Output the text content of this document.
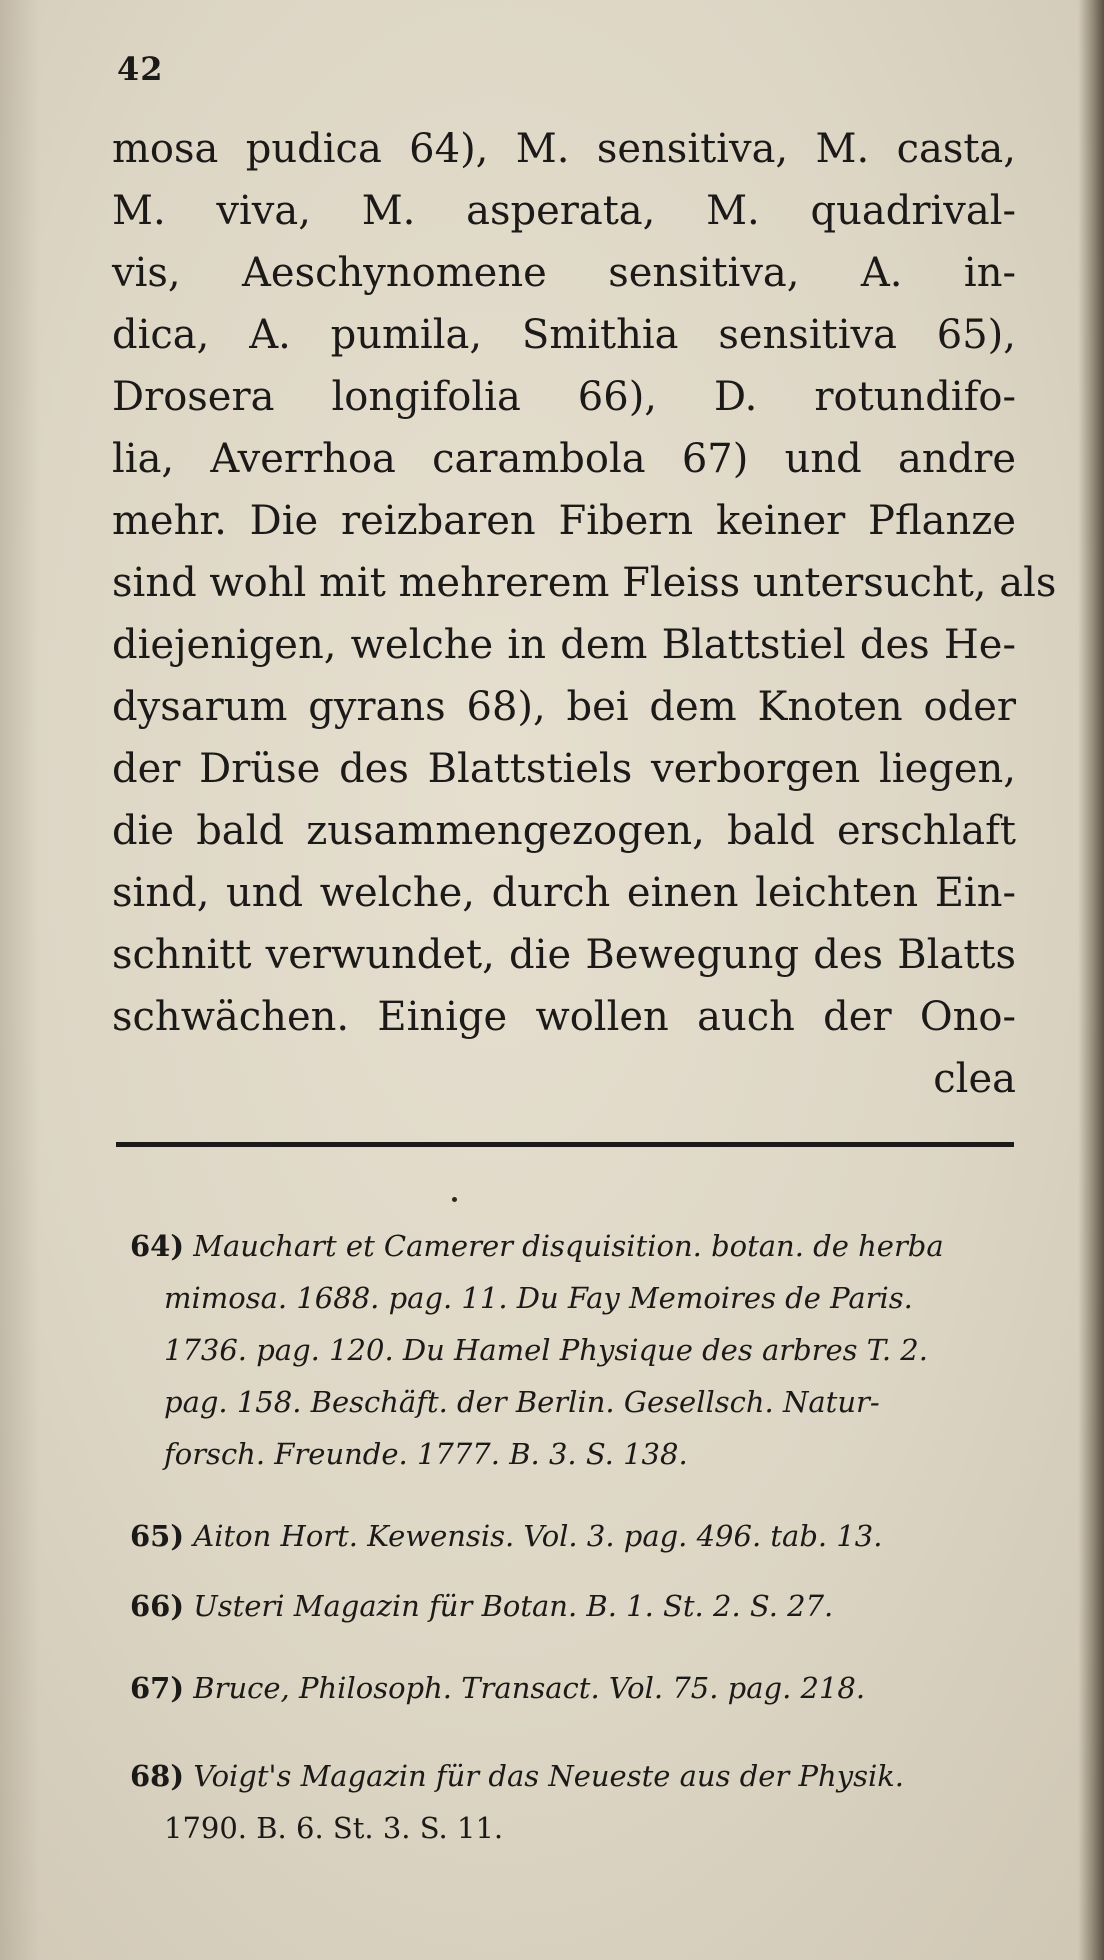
42
mosa pudica 64), M. sensitiva, M. casta,
M. viva, M. asperata, M. quadrival-
vis, Aeschynomene sensitiva, A. in-
dica, A. pumila, Smithia sensitiva 65),
Drosera longifolia 66), D. rotundifo-
lia, Averrhoa carambola 67) und andre
mehr. Die reizbaren Fibern keiner Pflanze
sind wohl mit mehrerem Fleiss untersucht, als
diejenigen, welche in dem Blattstiel des He-
dysarum gyrans 68), bei dem Knoten oder
der Drüse des Blattstiels verborgen liegen,
die bald zusammengezogen, bald erschlaft
sind, und welche, durch einen leichten Ein-
schnitt verwundet, die Bewegung des Blatts
schwächen. Einige wollen auch der Ono-
clea
64) Mauchart et Camerer disquisition. botan. de herba
mimosa. 1688. pag. 11. Du Fay Memoires de Paris.
1736. pag. 120. Du Hamel Physique des arbres T. 2.
pag. 158. Beschäft. der Berlin. Gesellsch. Natur-
forsch. Freunde. 1777. B. 3. S. 138.
65) Aiton Hort. Kewensis. Vol. 3. pag. 496. tab. 13.
66) Usteri Magazin für Botan. B. 1. St. 2. S. 27.
67) Bruce, Philosoph. Transact. Vol. 75. pag. 218.
68) Voigt's Magazin für das Neueste aus der Physik.
1790. B. 6. St. 3. S. 11.
